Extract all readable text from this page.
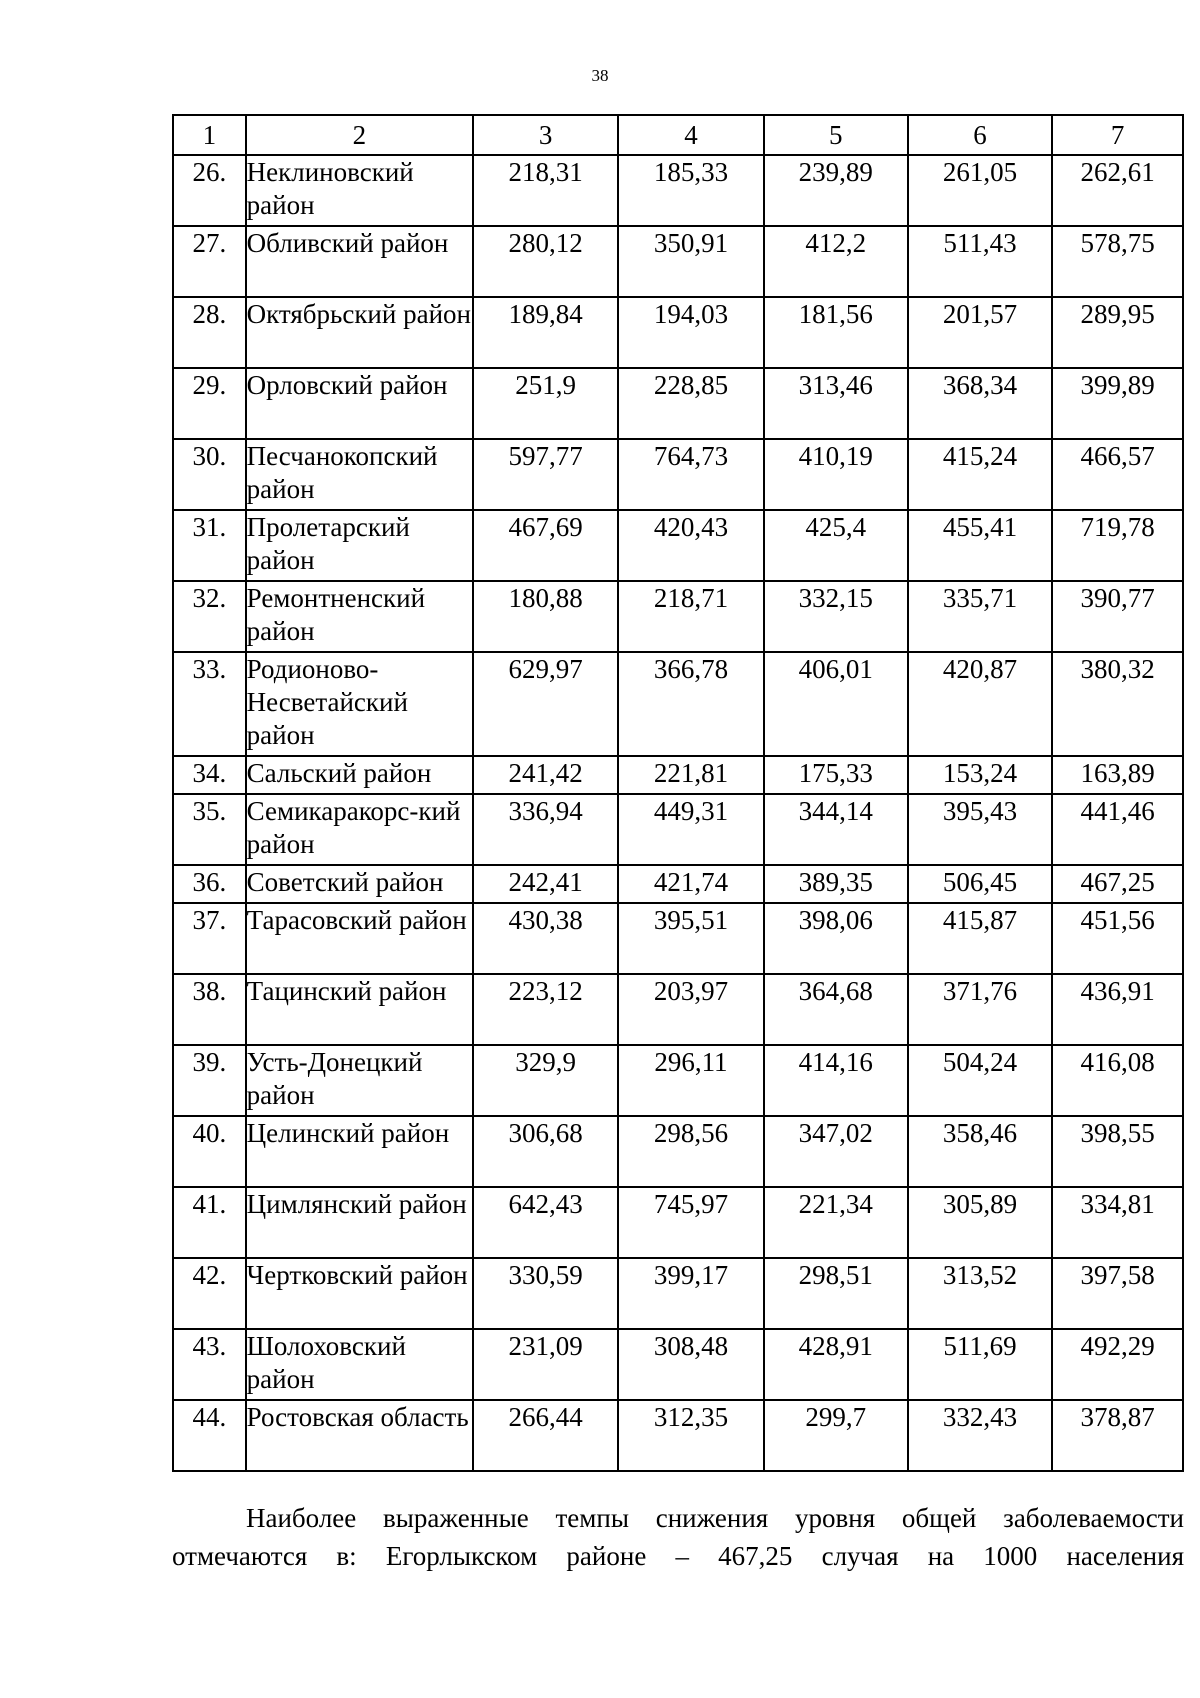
38
1	2	3	4	5	6	7
26.	Неклиновский район	218,31	185,33	239,89	261,05	262,61
27.	Обливский район	280,12	350,91	412,2	511,43	578,75
28.	Октябрьский район	189,84	194,03	181,56	201,57	289,95
29.	Орловский район	251,9	228,85	313,46	368,34	399,89
30.	Песчанокопский район	597,77	764,73	410,19	415,24	466,57
31.	Пролетарский район	467,69	420,43	425,4	455,41	719,78
32.	Ремонтненский район	180,88	218,71	332,15	335,71	390,77
33.	Родионово-Несветайский район	629,97	366,78	406,01	420,87	380,32
34.	Сальский район	241,42	221,81	175,33	153,24	163,89
35.	Семикаракорс-кий район	336,94	449,31	344,14	395,43	441,46
36.	Советский район	242,41	421,74	389,35	506,45	467,25
37.	Тарасовский район	430,38	395,51	398,06	415,87	451,56
38.	Тацинский район	223,12	203,97	364,68	371,76	436,91
39.	Усть-Донецкий район	329,9	296,11	414,16	504,24	416,08
40.	Целинский район	306,68	298,56	347,02	358,46	398,55
41.	Цимлянский район	642,43	745,97	221,34	305,89	334,81
42.	Чертковский район	330,59	399,17	298,51	313,52	397,58
43.	Шолоховский район	231,09	308,48	428,91	511,69	492,29
44.	Ростовская область	266,44	312,35	299,7	332,43	378,87
Наиболее выраженные темпы снижения уровня общей заболеваемости
отмечаются в: Егорлыкском районе – 467,25 случая на 1000 населения
